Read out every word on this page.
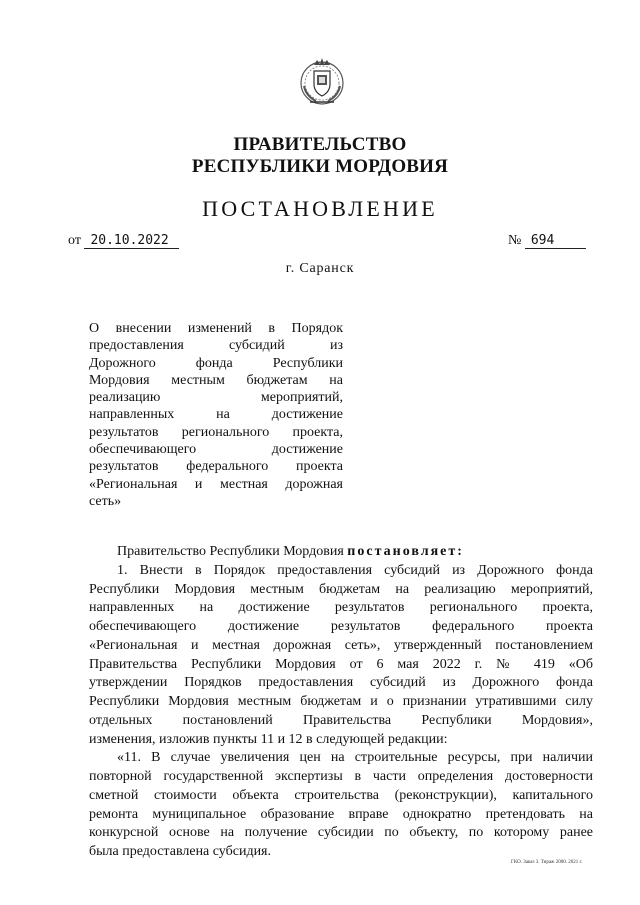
ПРАВИТЕЛЬСТВО
РЕСПУБЛИКИ МОРДОВИЯ
ПОСТАНОВЛЕНИЕ
от 20.10.2022	№ 694
г. Саранск
О внесении изменений в Порядок
предоставления субсидий из
Дорожного фонда Республики
Мордовия местным бюджетам на
реализацию мероприятий,
направленных на достижение
результатов регионального проекта,
обеспечивающего достижение
результатов федерального проекта
«Региональная и местная дорожная
сеть»
Правительство Республики Мордовия постановляет:
1. Внести в Порядок предоставления субсидий из Дорожного фонда
Республики Мордовия местным бюджетам на реализацию мероприятий,
направленных на достижение результатов регионального проекта,
обеспечивающего достижение результатов федерального проекта
«Региональная и местная дорожная сеть», утвержденный постановлением
Правительства Республики Мордовия от 6 мая 2022 г. № 419 «Об
утверждении Порядков предоставления субсидий из Дорожного фонда
Республики Мордовия местным бюджетам и о признании утратившими силу
отдельных постановлений Правительства Республики Мордовия»,
изменения, изложив пункты 11 и 12 в следующей редакции:
«11. В случае увеличения цен на строительные ресурсы, при наличии
повторной государственной экспертизы в части определения достоверности
сметной стоимости объекта строительства (реконструкции), капитального
ремонта муниципальное образование вправе однократно претендовать на
конкурсной основе на получение субсидии по объекту, по которому ранее
была предоставлена субсидия.
ГКО. Заказ 3. Тираж 2000. 2021 г.
